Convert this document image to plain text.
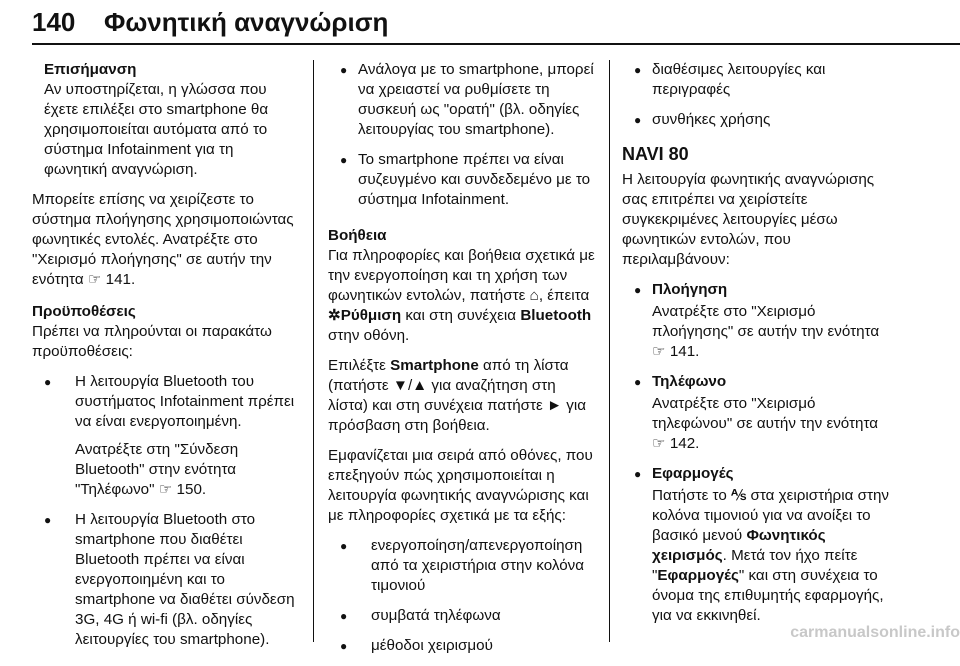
140 Φωνητική αναγνώριση
Επισήμανση
Αν υποστηρίζεται, η γλώσσα που έχετε επιλέξει στο smartphone θα χρησιμοποιείται αυτόματα από το σύστημα Infotainment για τη φωνητική αναγνώριση.

Μπορείτε επίσης να χειρίζεστε το σύστημα πλοήγησης χρησιμοποιώντας φωνητικές εντολές. Ανατρέξτε στο "Χειρισμό πλοήγησης" σε αυτήν την ενότητα ☞ 141.

Προϋποθέσεις

Πρέπει να πληρούνται οι παρακάτω προϋποθέσεις:

● Η λειτουργία Bluetooth του συστήματος Infotainment πρέπει να είναι ενεργοποιημένη.
Ανατρέξτε στη "Σύνδεση Bluetooth" στην ενότητα "Τηλέφωνο" ☞ 150.
● Η λειτουργία Bluetooth στο smartphone που διαθέτει Bluetooth πρέπει να είναι ενεργοποιημένη και το smartphone να διαθέτει σύνδεση 3G, 4G ή wi-fi (βλ. οδηγίες λειτουργίες του smartphone).
● Ανάλογα με το smartphone, μπορεί να χρειαστεί να ρυθμίσετε τη συσκευή ως "ορατή" (βλ. οδηγίες λειτουργίας του smartphone).
● Το smartphone πρέπει να είναι συζευγμένο και συνδεδεμένο με το σύστημα Infotainment.
Βοήθεια

Για πληροφορίες και βοήθεια σχετικά με την ενεργοποίηση και τη χρήση των φωνητικών εντολών, πατήστε ⌂, έπειτα ✲Ρύθμιση και στη συνέχεια Bluetooth στην οθόνη.

Επιλέξτε Smartphone από τη λίστα (πατήστε ▼/▲ για αναζήτηση στη λίστα) και στη συνέχεια πατήστε ► για πρόσβαση στη βοήθεια.

Εμφανίζεται μια σειρά από οθόνες, που επεξηγούν πώς χρησιμοποιείται η λειτουργία φωνητικής αναγνώρισης και με πληροφορίες σχετικά με τα εξής:

● ενεργοποίηση/απενεργοποίηση από τα χειριστήρια στην κολόνα τιμονιού
● συμβατά τηλέφωνα
● μέθοδοι χειρισμού
● διαθέσιμες λειτουργίες και περιγραφές
● συνθήκες χρήσης
NAVI 80

Η λειτουργία φωνητικής αναγνώρισης σας επιτρέπει να χειρίστείτε συγκεκριμένες λειτουργίες μέσω φωνητικών εντολών, που περιλαμβάνουν:

● Πλοήγηση
Ανατρέξτε στο "Χειρισμό πλοήγησης" σε αυτήν την ενότητα ☞ 141.
● Τηλέφωνο
Ανατρέξτε στο "Χειρισμό τηλεφώνου" σε αυτήν την ενότητα ☞ 142.
● Εφαρμογές
Πατήστε το ⅍ στα χειριστήρια στην κολόνα τιμονιού για να ανοίξει το βασικό μενού Φωνητικός χειρισμός. Μετά τον ήχο πείτε "Εφαρμογές" και στη συνέχεια το όνομα της επιθυμητής εφαρμογής, για να εκκινηθεί.
carmanualsonline.info
